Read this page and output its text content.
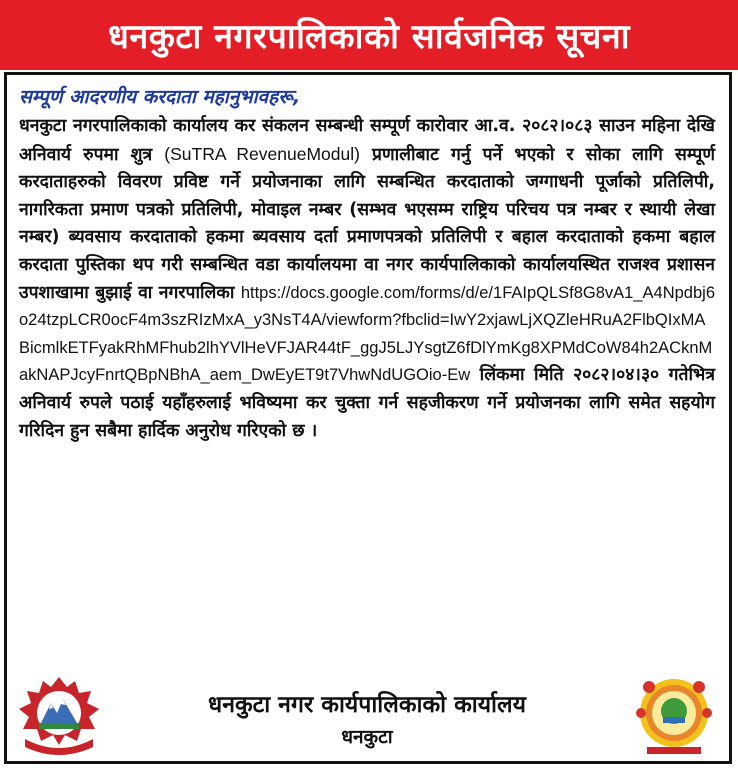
धनकुटा नगरपालिकाको सार्वजनिक सूचना
सम्पूर्ण आदरणीय करदाता महानुभावहरू,
धनकुटा नगरपालिकाको कार्यालय कर संकलन सम्बन्धी सम्पूर्ण कारोवार आ.व. २०८२।०८३ साउन महिना देखि अनिवार्य रुपमा शुत्र (SuTRA RevenueModul) प्रणालीबाट गर्नु पर्ने भएको र सोका लागि सम्पूर्ण करदाताहरुको विवरण प्रविष्ट गर्ने प्रयोजनाका लागि सम्बन्धित करदाताको जग्गाधनी पूर्जाको प्रतिलिपी, नागरिकता प्रमाण पत्रको प्रतिलिपी, मोवाइल नम्बर (सम्भव भएसम्म राष्ट्रिय परिचय पत्र नम्बर र स्थायी लेखा नम्बर) ब्यवसाय करदाताको हकमा ब्यवसाय दर्ता प्रमाणपत्रको प्रतिलिपी र बहाल करदाताको हकमा बहाल करदाता पुस्तिका थप गरी सम्बन्धित वडा कार्यालयमा वा नगर कार्यपालिकाको कार्यालयस्थित राजश्व प्रशासन उपशाखामा बुझाई वा नगरपालिका https://docs.google.com/forms/d/e/1FAIpQLSf8G8vA1_A4Npdbj6o24tzpLCR0ocF4m3szRIzMxA_y3NsT4A/viewform?fbclid=IwY2xjawLjXQZleHRuA2FlbQIxMABicmlkETFyakRhMFhub2lhYVlHeVFJAR44tF_ggJ5LJYsgtZ6fDlYmKg8XPMdCoW84h2ACknMakNAPJcyFnrtQBpNBhA_aem_DwEyET9t7VhwNdUGOio-Ew लिंकमा मिति २०८२।०४।३० गतेभित्र अनिवार्य रुपले पठाई यहाँहरुलाई भविष्यमा कर चुक्ता गर्न सहजीकरण गर्ने प्रयोजनका लागि समेत सहयोग गरिदिन हुन सबैमा हार्दिक अनुरोध गरिएको छ ।
धनकुटा नगर कार्यपालिकाको कार्यालय
धनकुटा
